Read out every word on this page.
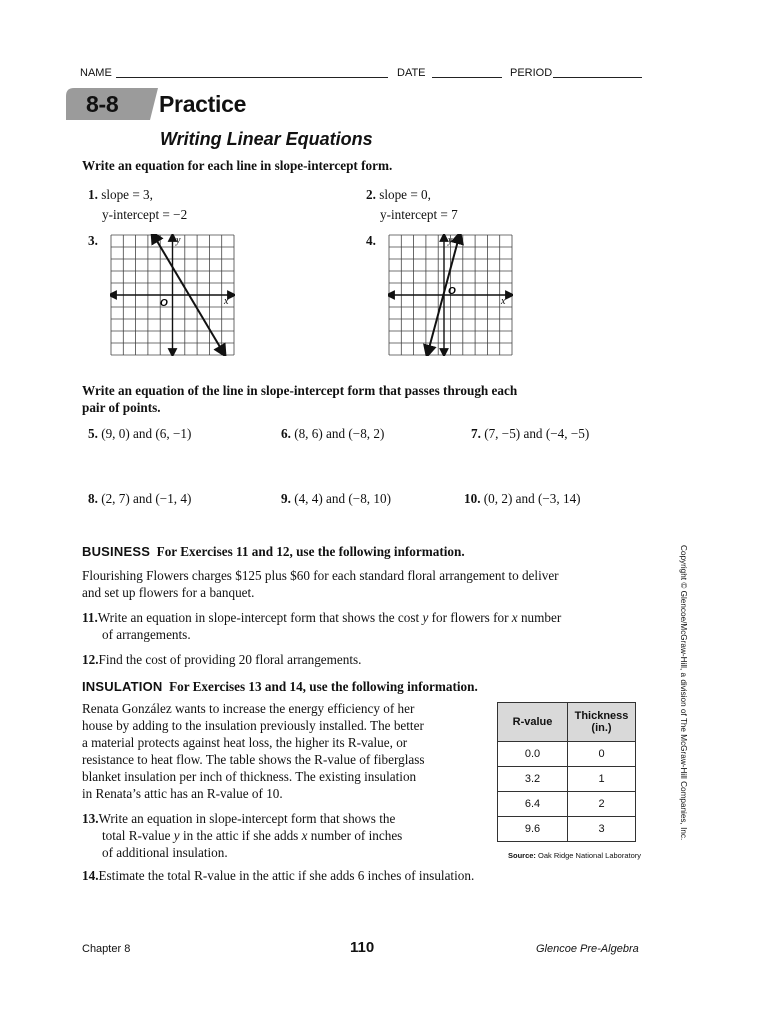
NAME	DATE	PERIOD
8-8 Practice
Writing Linear Equations
Write an equation for each line in slope-intercept form.
1. slope = 3,
y-intercept = −2
2. slope = 0,
y-intercept = 7
3.	4.
y
x
O
y
x
O
Write an equation of the line in slope-intercept form that passes through each
pair of points.
5. (9, 0) and (6, −1)	6. (8, 6) and (−8, 2)	7. (7, −5) and (−4, −5)
8. (2, 7) and (−1, 4)	9. (4, 4) and (−8, 10)	10. (0, 2) and (−3, 14)
BUSINESS For Exercises 11 and 12, use the following information.
Flourishing Flowers charges $125 plus $60 for each standard floral arrangement to deliver
and set up flowers for a banquet.
11.Write an equation in slope-intercept form that shows the cost y for flowers for x number
of arrangements.
12.Find the cost of providing 20 floral arrangements.
INSULATION For Exercises 13 and 14, use the following information.
Renata González wants to increase the energy efficiency of her
house by adding to the insulation previously installed. The better
a material protects against heat loss, the higher its R-value, or
resistance to heat flow. The table shows the R-value of fiberglass
blanket insulation per inch of thickness. The existing insulation
in Renata’s attic has an R-value of 10.
13.Write an equation in slope-intercept form that shows the
total R-value y in the attic if she adds x number of inches
of additional insulation.
14.Estimate the total R-value in the attic if she adds 6 inches of insulation.
R-value	Thickness
(in.)
0.0	0
3.2	1
6.4	2
9.6	3
Source: Oak Ridge National Laboratory
Copyright © Glencoe/McGraw-Hill, a division of The McGraw-Hill Companies, Inc.
Chapter 8	110	Glencoe Pre-Algebra
